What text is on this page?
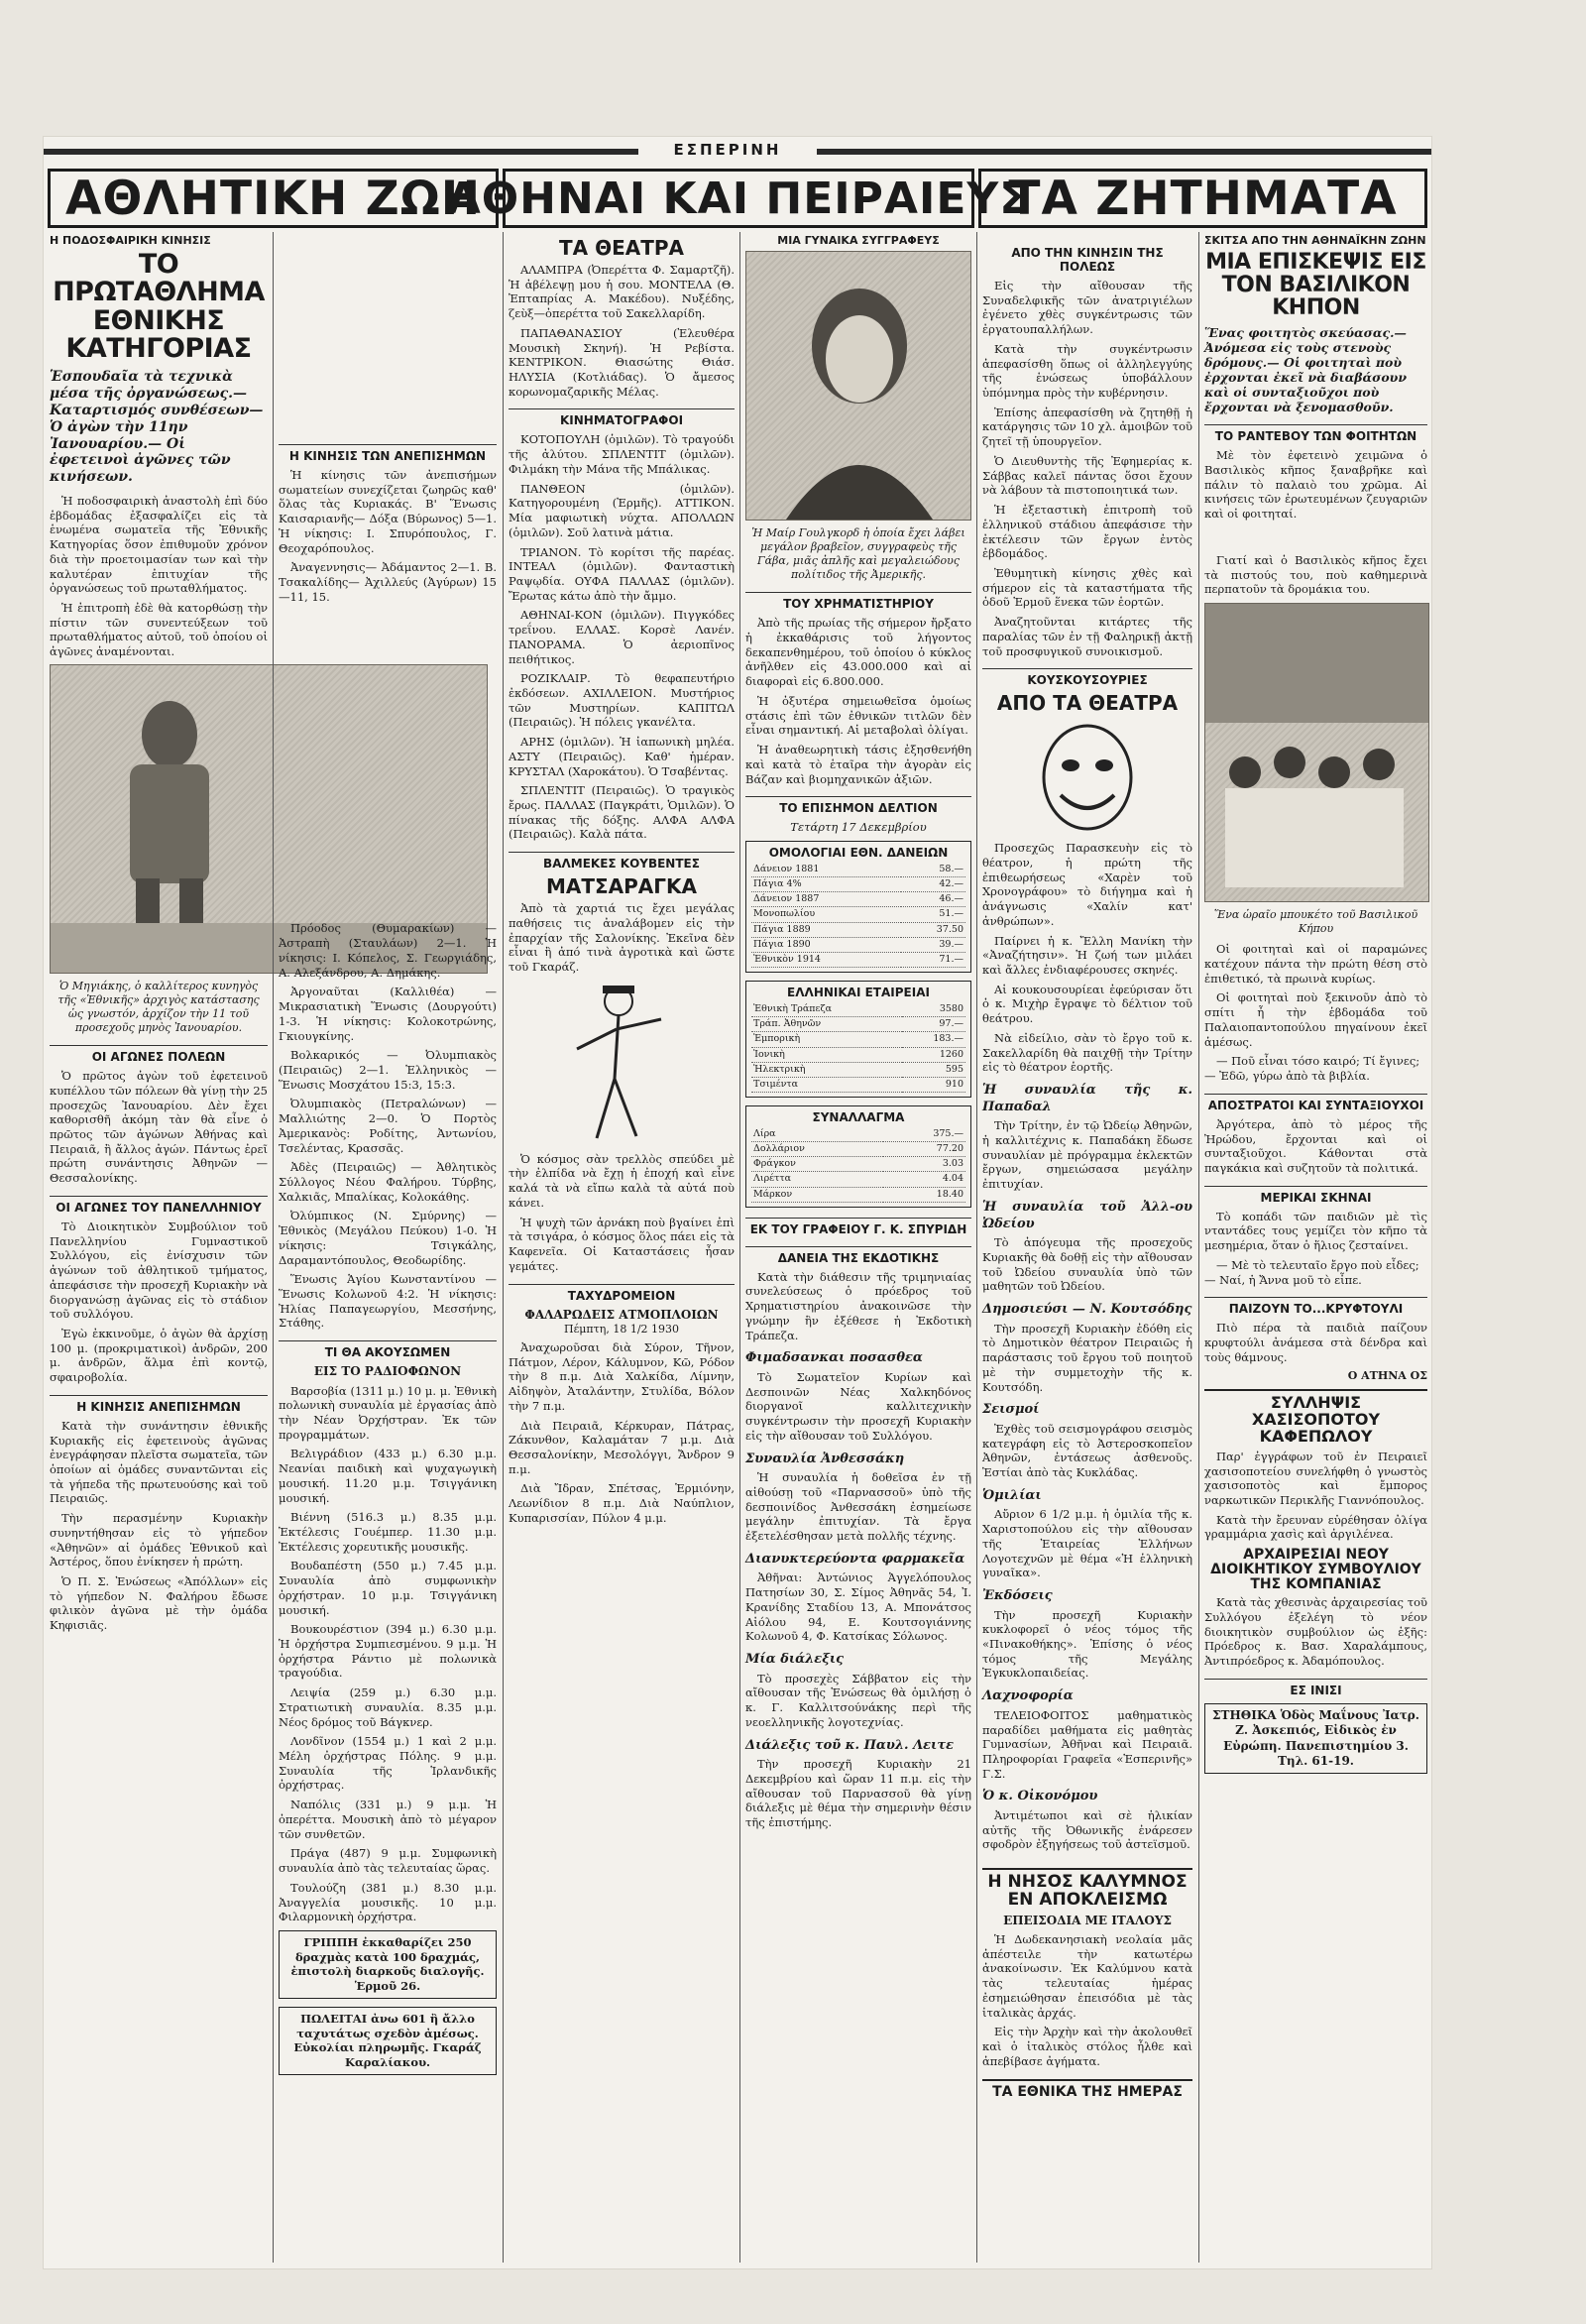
ΕΣΠΕΡΙΝΗ
ΑΘΛΗΤΙΚΗ ΖΩΗ
ΑΘΗΝΑΙ ΚΑΙ ΠΕΙΡΑΙΕΥΣ
ΤΑ ΖΗΤΗΜΑΤΑ
Η ΠΟΔΟΣΦΑΙΡΙΚΗ ΚΙΝΗΣΙΣ
ΤΟ ΠΡΩΤΑΘΛΗΜΑ ΕΘΝΙΚΗΣ ΚΑΤΗΓΟΡΙΑΣ
Ἑσπουδαῖα τὰ τεχνικὰ μέσα τῆς ὀργανώσεως.— Καταρτισμός συνθέσεων— Ὁ ἀγὼν τὴν 11ην Ἰανουαρίου.— Οἱ ἐφετεινοὶ ἀγῶνες τῶν κινήσεων.

Ἡ ποδοσφαιρικὴ ἀναστολὴ ἐπὶ δύο ἑβδομάδας ἐξασφαλίζει εἰς τὰ ἑνωμένα σωματεῖα τῆς Ἐθνικῆς Κατηγορίας ὅσον ἐπιθυμοῦν χρόνον διὰ τὴν προετοιμασίαν των καὶ τὴν καλυτέραν ἐπιτυχίαν τῆς ὀργανώσεως τοῦ πρωταθλήματος.

Ἡ ἐπιτροπὴ ἐδὲ θὰ κατορθώσῃ τὴν πίστιν τῶν συνεντεύξεων τοῦ πρωταθλήματος αὐτοῦ, τοῦ ὁποίου οἱ ἀγῶνες ἀναμένονται.

Ὁ Μηγιάκης, ὁ καλλίτερος κυνηγὸς τῆς «Ἑθνικῆς» ἀρχιγὸς κατάστασης ὡς γνωστόν, ἀρχίζον τὴν 11 τοῦ προσεχοῦς μηνὸς Ἰανουαρίου.
ΟΙ ΑΓΩΝΕΣ ΠΟΛΕΩΝ

Ὁ πρῶτος ἀγὼν τοῦ ἐφετεινοῦ κυπέλλου τῶν πόλεων θὰ γίνῃ τὴν 25 προσεχῶς Ἰανουαρίου. Δὲν ἔχει καθορισθῆ ἀκόμη τὰν θὰ εἶνε ὁ πρῶτος τῶν ἀγώνων Ἀθήνας καὶ Πειραιᾶ, ἢ ἄλλος ἀγών. Πάντως ἐρεῖ πρώτη συνάντησις Ἀθηνῶν — Θεσσαλονίκης.

ΟΙ ΑΓΩΝΕΣ ΤΟΥ ΠΑΝΕΛΛΗΝΙΟΥ

Τὸ Διοικητικὸν Συμβούλιον τοῦ Πανελληνίου Γυμναστικοῦ Συλλόγου, εἰς ἐνίσχυσιν τῶν ἀγώνων τοῦ ἀθλητικοῦ τμήματος, ἀπεφάσισε τὴν προσεχῆ Κυριακὴν νὰ διοργανώσῃ ἀγῶνας εἰς τὸ στάδιον τοῦ συλλόγου.

Ἐγὼ ἐκκινοῦμε, ὁ ἀγὼν θὰ ἀρχίσῃ 100 μ. (προκριματικοὶ) ἀνδρῶν, 200 μ. ἀνδρῶν, ἅλμα ἐπὶ κοντῷ, σφαιροβολία.

Η ΚΙΝΗΣΙΣ ΑΝΕΠΙΣΗΜΩΝ

Κατὰ τὴν συνάντησιν ἐθνικῆς Κυριακῆς εἰς ἐφετεινοὺς ἀγῶνας ἐνεγράφησαν πλεῖστα σωματεῖα, τῶν ὁποίων αἱ ὁμάδες συναντῶνται εἰς τὰ γήπεδα τῆς πρωτευούσης καὶ τοῦ Πειραιῶς.

Τὴν περασμένην Κυριακὴν συνηντήθησαν εἰς τὸ γήπεδον «Ἀθηνῶν» αἱ ὁμάδες Ἐθνικοῦ καὶ Ἀστέρος, ὅπου ἐνίκησεν ἡ πρώτη.

Ὁ Π. Σ. Ἐνώσεως «Ἀπόλλων» εἰς τὸ γήπεδον Ν. Φαλήρου ἔδωσε φιλικὸν ἀγῶνα μὲ τὴν ὁμάδα Κηφισιᾶς.

Η ΚΙΝΗΣΙΣ ΤΩΝ ΑΝΕΠΙΣΗΜΩΝ

Ἡ κίνησις τῶν ἀνεπισήμων σωματείων συνεχίζεται ζωηρῶς καθ' ὅλας τὰς Κυριακάς. Β' Ἕνωσις Καισαριανῆς— Δόξα (Βύρωνος) 5—1. Ἡ νίκησις: Ι. Σπυρόπουλος, Γ. Θεοχαρόπουλος.

Ἀναγεννησις— Ἀδάμαντος 2—1. Β. Τσακαλίδης— Ἀχιλλεύς (Ἀγύρων) 15—11, 15.

Πρόοδος (Θυμαρακίων) — Ἀστραπὴ (Σταυλάων) 2—1. Ἡ νίκησις: Ι. Κόπελος, Σ. Γεωργιάδης, Α. Αλεξάνδρου, Α. Δημάκης.

Ἀργοναῦται (Καλλιθέα) — Μικρασιατικὴ Ἕνωσις (Δουργούτι) 1-3. Ἡ νίκησις: Κολοκοτρώνης, Γκιουγκίνης.

Βολκαρικός — Ὀλυμπιακὸς (Πειραιῶς) 2—1. Ἑλληνικὸς — Ἕνωσις Μοσχάτου 15:3, 15:3.

Ὀλυμπιακὸς (Πετραλώνων) — Μαλλιώτης 2—0. Ὁ Πορτὸς Ἀμερικανὸς: Ροδίτης, Ἀντωνίου, Τσελέντας, Κρασσᾶς.

Ἀδὲς (Πειραιῶς) — Ἀθλητικὸς Σύλλογος Νέου Φαλήρου. Τύρβης, Χαλκιᾶς, Μπαλίκας, Κολοκάθης.

Ὀλύμπικος (Ν. Σμύρνης) — Ἐθνικὸς (Μεγάλου Πεύκου) 1-0. Ἡ νίκησις: Τσιγκάλης, Δαραμαντόπουλος, Θεοδωρίδης.

Ἕνωσις Ἁγίου Κωνσταντίνου — Ἕνωσις Κολωνοῦ 4:2. Ἡ νίκησις: Ἠλίας Παπαγεωργίου, Μεσσήνης, Στάθης.

ΤΙ ΘΑ ΑΚΟΥΣΩΜΕΝ
ΕΙΣ ΤΟ ΡΑΔΙΟΦΩΝΟΝ

Βαρσοβία (1311 μ.) 10 μ. μ. Ἐθνικὴ πολωνικὴ συναυλία μὲ ἐργασίας ἀπὸ τὴν Νέαν Ὀρχήστραν. Ἐκ τῶν προγραμμάτων.

Βελιγράδιον (433 μ.) 6.30 μ.μ. Νεανίαι παιδικὴ καὶ ψυχαγωγικὴ μουσική. 11.20 μ.μ. Τσιγγάνικη μουσική.

Βιέννη (516.3 μ.) 8.35 μ.μ. Ἐκτέλεσις Γουέμπερ. 11.30 μ.μ. Ἐκτέλεσις χορευτικῆς μουσικῆς.

Βουδαπέστη (550 μ.) 7.45 μ.μ. Συναυλία ἀπὸ συμφωνικὴν ὀρχήστραν. 10 μ.μ. Τσιγγάνικη μουσική.

Βουκουρέστιον (394 μ.) 6.30 μ.μ. Ἡ ὀρχήστρα Συμπιεσμένου. 9 μ.μ. Ἡ ὀρχήστρα Ράντιο μὲ πολωνικὰ τραγούδια.

Λειψία (259 μ.) 6.30 μ.μ. Στρατιωτικὴ συναυλία. 8.35 μ.μ. Νέος δρόμος τοῦ Βάγκνερ.

Λονδῖνον (1554 μ.) 1 καὶ 2 μ.μ. Μέλη ὀρχήστρας Πόλης. 9 μ.μ. Συναυλία τῆς Ἱρλανδικῆς ὀρχήστρας.

Ναπόλις (331 μ.) 9 μ.μ. Ἡ ὀπερέττα. Μουσικὴ ἀπὸ τὸ μέγαρον τῶν συνθετῶν.

Πράγα (487) 9 μ.μ. Συμφωνικὴ συναυλία ἀπὸ τὰς τελευταίας ὥρας.

Τουλούζη (381 μ.) 8.30 μ.μ. Ἀναγγελία μουσικῆς. 10 μ.μ. Φιλαρμονικὴ ὀρχήστρα.

ΓΡΙΠΠΗ ἐκκαθαρίζει 250 δραχμὰς κατὰ 100 δραχμάς, ἐπιστολὴ διαρκοῦς διαλογῆς. Ἑρμοῦ 26.
ΠΩΛΕΙΤΑΙ ἀνω 601 ἢ ἄλλο ταχυτάτως σχεδὸν ἀμέσως. Εὐκολίαι πληρωμῆς. Γκαράζ Καραλίακου.
ΤΑ ΘΕΑΤΡΑ

ΑΛΑΜΠΡΑ (Ὀπερέττα Φ. Σαμαρτζῆ). Ἡ ἀβέλεψῃ μου ἡ σου. ΜΟΝΤΕΛΑ (Θ. Ἐπταπρίας Α. Μακέδου). Νυξέδης, ζεὺξ—ὀπερέττα τοῦ Σακελλαρίδη.

ΠΑΠΑΘΑΝΑΣΙΟΥ (Ἐλευθέρα Μουσικὴ Σκηνή). Ἡ Ρεβίστα. ΚΕΝΤΡΙΚΟΝ. Θιασώτης Θιάσ. ΗΛΥΣΙΑ (Κοτλιάδας). Ὁ ἄμεσος κορωνομαζαρικῆς Μέλας.

ΚΙΝΗΜΑΤΟΓΡΑΦΟΙ

ΚΟΤΟΠΟΥΛΗ (ὁμιλῶν). Τὸ τραγούδι τῆς ἀλύτου. ΣΠΛΕΝΤΙΤ (ὁμιλῶν). Φιλμάκη τὴν Μάνα τῆς Μπάλικας.

ΠΑΝΘΕΟΝ (ὁμιλῶν). Κατηγορουμένη (Ἑρμῆς). ΑΤΤΙΚΟΝ. Μία μαφιωτικὴ νύχτα. ΑΠΟΛΛΩΝ (ὁμιλῶν). Σοῦ λατινὰ μάτια.

ΤΡΙΑΝΟΝ. Τὸ κορίτσι τῆς παρέας. ΙΝΤΕΑΛ (ὁμιλῶν). Φανταστικὴ Ραψῳδία. ΟΥΦΑ ΠΑΛΛΑΣ (ὁμιλῶν). Ἔρωτας κάτω ἀπὸ τὴν ἄμμο.

ΑΘΗΝΑΙ-ΚΟΝ (ὁμιλῶν). Πιγγκόδες τρεΐνου. ΕΛΛΑΣ. Κορσὲ Λανέν. ΠΑΝΟΡΑΜΑ. Ὁ ἀεριοπῖνος πειθήτικος.

ΡΟΖΙΚΛΑΙΡ. Τὸ θεφαπευτήριο ἐκδόσεων. ΑΧΙΛΛΕΙΟΝ. Μυστήριος τῶν Μυστηρίων. ΚΑΠΙΤΩΛ (Πειραιῶς). Ἡ πόλεις γκανέλτα.

ΑΡΗΣ (ὁμιλῶν). Ἡ ἰαπωνικὴ μηλέα. ΑΣΤΥ (Πειραιῶς). Καθ' ἡμέραν. ΚΡΥΣΤΑΛ (Χαροκάτου). Ὁ Τσαβέντας.

ΣΠΛΕΝΤΙΤ (Πειραιῶς). Ὁ τραγικὸς ἔρως. ΠΑΛΛΑΣ (Παγκράτι, Ὁμιλῶν). Ὁ πίνακας τῆς δόξης. ΑΛΦΑ ΑΛΦΑ (Πειραιῶς). Καλὰ πάτα.

ΒΑΛΜΕΚΕΣ ΚΟΥΒΕΝΤΕΣ
ΜΑΤΣΑΡΑΓΚΑ

Ἀπὸ τὰ χαρτιά τις ἔχει μεγάλας παθήσεις τις ἀναλάβομεν εἰς τὴν ἐπαρχίαν τῆς Σαλονίκης. Ἐκεῖνα δὲν εἶναι ἢ ἀπό τινὰ ἀγροτικὰ καὶ ὥστε τοῦ Γκαράζ.

Ὁ κόσμος σὰν τρελλὸς σπεύδει μὲ τὴν ἐλπίδα νὰ ἔχῃ ἡ ἐποχή καὶ εἶνε καλά τὰ νὰ εἴπω καλὰ τὰ αὐτά ποὺ κάνει.

Ἡ ψυχὴ τῶν ἀρνάκη ποὺ βγαίνει ἐπὶ τὰ τσιγάρα, ὁ κόσμος ὅλος πάει εἰς τὰ Καφενεῖα. Οἱ Καταστάσεις ἦσαν γεμάτες.

ΤΑΧΥΔΡΟΜΕΙΟΝ
ΦΑΛΑΡΩΔΕΙΣ ΑΤΜΟΠΛΟΙΩΝ
Πέμπτη, 18 1/2 1930

Ἀναχωροῦσαι διὰ Σύρον, Τῆνον, Πάτμον, Λέρον, Κάλυμνον, Κῶ, Ρόδον τὴν 8 π.μ. Διὰ Χαλκίδα, Λίμνην, Αἰδηψὸν, Ἀταλάντην, Στυλίδα, Βόλον τὴν 7 π.μ.

Διὰ Πειραιᾶ, Κέρκυραν, Πάτρας, Ζάκυνθον, Καλαμάταν 7 μ.μ. Διὰ Θεσσαλονίκην, Μεσολόγγι, Ἄνδρον 9 π.μ.

Διὰ Ἴδραν, Σπέτσας, Ἑρμιόνην, Λεωνίδιον 8 π.μ. Διὰ Ναύπλιον, Κυπαρισσίαν, Πύλον 4 μ.μ.

ΜΙΑ ΓΥΝΑΙΚΑ ΣΥΓΓΡΑΦΕΥΣ
Ἡ Μαίρ Γουλγκορδ ἡ ὁποία ἔχει λάβει μεγάλον βραβεῖον, συγγραφεὺς τῆς Γάβα, μιᾶς ἀπλῆς καὶ μεγαλειώδους πολίτιδος τῆς Ἀμερικῆς.
ΤΟΥ ΧΡΗΜΑΤΙΣΤΗΡΙΟΥ

Ἀπὸ τῆς πρωίας τῆς σήμερον ἤρξατο ἡ ἐκκαθάρισις τοῦ λήγοντος δεκαπενθημέρου, τοῦ ὁποίου ὁ κύκλος ἀνῆλθεν εἰς 43.000.000 καὶ αἱ διαφοραὶ εἰς 6.800.000.

Ἡ ὀξυτέρα σημειωθεῖσα ὁμοίως στάσις ἐπὶ τῶν ἐθνικῶν τιτλῶν δὲν εἶναι σημαντική. Αἱ μεταβολαὶ ὀλίγαι.

Ἡ ἀναθεωρητικὴ τάσις ἐξησθενήθη καὶ κατὰ τὸ ἑταῖρα τὴν ἀγορὰν εἰς Βάζαν καὶ βιομηχανικῶν ἀξιῶν.

ΤΟ ΕΠΙΣΗΜΟΝ ΔΕΛΤΙΟΝ
Τετάρτη 17 Δεκεμβρίου
ΟΜΟΛΟΓΙΑΙ ΕΘΝ. ΔΑΝΕΙΩΝ
Δάνειον 1881	58.—
Πάγια 4%	42.—
Δάνειον 1887	46.—
Μονοπωλίου	51.—
Πάγια 1889	37.50
Πάγια 1890	39.—
Ἐθνικὸν 1914	71.—
ΕΛΛΗΝΙΚΑΙ ΕΤΑΙΡΕΙΑΙ
Ἐθνικὴ Τράπεζα	3580
Τράπ. Ἀθηνῶν	97.—
Ἐμπορικὴ	183.—
Ἰονικὴ	1260
Ἡλεκτρικὴ	595
Τσιμέντα	910
ΣΥΝΑΛΛΑΓΜΑ
Λίρα	375.—
Δολλάριον	77.20
Φράγκον	3.03
Λιρέττα	4.04
Μάρκον	18.40
ΕΚ ΤΟΥ ΓΡΑΦΕΙΟΥ Γ. Κ. ΣΠΥΡΙΔΗ
ΔΑΝΕΙΑ ΤΗΣ ΕΚΔΟΤΙΚΗΣ

Κατὰ τὴν διάθεσιν τῆς τριμηνιαίας συνελεύσεως ὁ πρόεδρος τοῦ Χρηματιστηρίου ἀνακοινῶσε τὴν γνώμην ἣν ἐξέθεσε ἡ Ἐκδοτικὴ Τράπεζα.

Φιμαδσανκαι ποσασθεα

Τὸ Σωματεῖον Κυρίων καὶ Δεσποινῶν Νέας Χαλκηδόνος διοργανοῖ καλλιτεχνικὴν συγκέντρωσιν τὴν προσεχῆ Κυριακὴν εἰς τὴν αἴθουσαν τοῦ Συλλόγου.

Συναυλία Ἀνθεσσάκη

Ἡ συναυλία ἡ δοθεῖσα ἐν τῇ αἰθούσῃ τοῦ «Παρνασσοῦ» ὑπὸ τῆς δεσποινίδος Ἀνθεσσάκη ἐσημείωσε μεγάλην ἐπιτυχίαν. Τὰ ἔργα ἐξετελέσθησαν μετὰ πολλῆς τέχνης.

Διανυκτερεύοντα φαρμακεῖα

Ἀθῆναι: Ἀντώνιος Ἀγγελόπουλος Πατησίων 30, Σ. Σίμος Ἀθηνᾶς 54, Ἰ. Κρανίδης Σταδίου 13, Α. Μπονάτσος Αἰόλου 94, Ε. Κουτσογιάννης Κολωνοῦ 4, Φ. Κατσίκας Σόλωνος.

Μία διάλεξις

Τὸ προσεχὲς Σάββατον εἰς τὴν αἴθουσαν τῆς Ἑνώσεως θὰ ὁμιλήσῃ ὁ κ. Γ. Καλλιτσούνάκης περὶ τῆς νεοελληνικῆς λογοτεχνίας.

Διάλεξις τοῦ κ. Παυλ. Λειτε

Τὴν προσεχῆ Κυριακὴν 21 Δεκεμβρίου καὶ ὥραν 11 π.μ. εἰς τὴν αἴθουσαν τοῦ Παρνασσοῦ θὰ γίνῃ διάλεξις μὲ θέμα τὴν σημερινὴν θέσιν τῆς ἐπιστήμης.

ΑΠΟ ΤΗΝ ΚΙΝΗΣΙΝ ΤΗΣ ΠΟΛΕΩΣ

Εἰς τὴν αἴθουσαν τῆς Συναδελφικῆς τῶν ἀνατριγιέλων ἐγένετο χθὲς συγκέντρωσις τῶν ἐργατουπαλλήλων.

Κατὰ τὴν συγκέντρωσιν ἀπεφασίσθη ὅπως οἱ ἀλληλεγγύης τῆς ἑνώσεως ὑποβάλλουν ὑπόμνημα πρὸς τὴν κυβέρνησιν.

Ἐπίσης ἀπεφασίσθη νὰ ζητηθῇ ἡ κατάργησις τῶν 10 χλ. ἀμοιβῶν τοῦ ζητεῖ τῇ ὑπουργεῖον.

Ὁ Διευθυντὴς τῆς Ἐφημερίας κ. Σάββας καλεῖ πάντας ὅσοι ἔχουν νὰ λάβουν τὰ πιστοποιητικά των.

Ἡ ἐξεταστικὴ ἐπιτροπὴ τοῦ ἑλληνικοῦ στάδιου ἀπεφάσισε τὴν ἐκτέλεσιν τῶν ἔργων ἐντὸς ἐβδομάδος.

Ἐθυμητικὴ κίνησις χθὲς καὶ σήμερον εἰς τὰ καταστήματα τῆς ὁδοῦ Ἑρμοῦ ἕνεκα τῶν ἑορτῶν.

Ἀναζητοῦνται κιτάρτες τῆς παραλίας τῶν ἐν τῇ Φαληρικῇ ἀκτῇ τοῦ προσφυγικοῦ συνοικισμοῦ.

ΚΟΥΣΚΟΥΣΟΥΡΙΕΣ
ΑΠΟ ΤΑ ΘΕΑΤΡΑ

Προσεχῶς Παρασκευὴν εἰς τὸ θέατρον, ἡ πρώτη τῆς ἐπιθεωρήσεως «Χαρὲν τοῦ Χρονογράφου» τὸ διήγημα καὶ ἡ ἀνάγνωσις «Χαλίν κατ' ἀνθρώπων».

Παίρνει ἡ κ. Ἔλλη Μανίκη τὴν «Ἀναζήτησιν». Ἡ ζωή των μιλάει καὶ ἄλλες ἐνδιαφέρουσες σκηνές.

Αἱ κουκουσουρίεαι ἐφεύρισαν ὅτι ὁ κ. Μιχὴρ ἔγραψε τὸ δέλτιον τοῦ θεάτρου.

Νὰ εἰδείλιο, σὰν τὸ ἔργο τοῦ κ. Σακελλαρίδη θὰ παιχθῇ τὴν Τρίτην εἰς τὸ θέατρον ἑορτῆς.

Ἡ συναυλία τῆς κ. Παπαδαλ

Τὴν Τρίτην, ἐν τῷ Ὠδείῳ Ἀθηνῶν, ἡ καλλιτέχνις κ. Παπαδάκη ἔδωσε συναυλίαν μὲ πρόγραμμα ἐκλεκτῶν ἔργων, σημειώσασα μεγάλην ἐπιτυχίαν.

Ἡ συναυλία τοῦ Ἀλλ-ου Ὠδείου

Τὸ ἀπόγευμα τῆς προσεχοῦς Κυριακῆς θὰ δοθῇ εἰς τὴν αἴθουσαν τοῦ Ὠδείου συναυλία ὑπὸ τῶν μαθητῶν τοῦ Ὠδείου.

Δημοσιεύσι — Ν. Κουτσόδης

Τὴν προσεχῆ Κυριακὴν ἐδόθη εἰς τὸ Δημοτικὸν θέατρον Πειραιῶς ἡ παράστασις τοῦ ἔργου τοῦ ποιητοῦ μὲ τὴν συμμετοχὴν τῆς κ. Κουτσόδη.

Σεισμοί

Ἐχθὲς τοῦ σεισμογράφου σεισμὸς κατεγράφη εἰς τὸ Ἀστεροσκοπεῖον Ἀθηνῶν, ἐντάσεως ἀσθενοῦς. Ἐστίαι ἀπὸ τὰς Κυκλάδας.

Ὁμιλίαι

Αὔριον 6 1/2 μ.μ. ἡ ὁμιλία τῆς κ. Χαριστοπούλου εἰς τὴν αἴθουσαν τῆς Ἐταιρείας Ἑλλήνων Λογοτεχνῶν μὲ θέμα «Ἡ ἑλληνικὴ γυναῖκα».

Ἐκδόσεις

Τὴν προσεχῆ Κυριακὴν κυκλοφορεῖ ὁ νέος τόμος τῆς «Πινακοθήκης». Ἐπίσης ὁ νέος τόμος τῆς Μεγάλης Ἐγκυκλοπαιδείας.

Λαχνοφορία

ΤΕΛΕΙΟΦΟΙΤΟΣ μαθηματικὸς παραδίδει μαθήματα εἰς μαθητὰς Γυμνασίων, Ἀθῆναι καὶ Πειραιᾶ. Πληροφορίαι Γραφεῖα «Ἑσπερινῆς» Γ.Σ.

Ὁ κ. Οἰκονόμου

Ἀντιμέτωποι καὶ σὲ ἡλικίαν αὐτῆς τῆς Ὀθωνικῆς ἐνάρεσεν σφοδρὸν ἐξηγήσεως τοῦ ἀστεϊσμοῦ.

Γιατί καὶ ὁ Βασιλικὸς κῆπος ἔχει τὰ πιστούς του, ποὺ καθημερινὰ περπατοῦν τὰ δρομάκια του.

Ἕνα ὡραῖο μπουκέτο τοῦ Βασιλικοῦ Κήπου

Οἱ φοιτηταὶ καὶ οἱ παραμώνες κατέχουν πάντα τὴν πρώτη θέση στὸ ἐπιθετικό, τὰ πρωινὰ κυρίως.

Οἱ φοιτηταὶ ποὺ ξεκινοῦν ἀπὸ τὸ σπίτι ἦ τὴν ἑβδομάδα τοῦ Παλαιοπαντοπούλου πηγαίνουν ἐκεῖ ἁμέσως.

— Ποῦ εἶναι τόσο καιρό; Τί ἔγινες;
— Ἐδῶ, γύρω ἀπὸ τὰ βιβλία.

ΑΠΟΣΤΡΑΤΟΙ ΚΑΙ ΣΥΝΤΑΞΙΟΥΧΟΙ

Ἀργότερα, ἀπὸ τὸ μέρος τῆς Ἠρώδου, ἔρχονται καὶ οἱ συνταξιοῦχοι. Κάθονται στὰ παγκάκια καὶ συζητοῦν τὰ πολιτικά.

ΜΕΡΙΚΑΙ ΣΚΗΝΑΙ

Τὸ κοπάδι τῶν παιδιῶν μὲ τὶς νταντάδες τους γεμίζει τὸν κῆπο τὰ μεσημέρια, ὅταν ὁ ἥλιος ζεσταίνει.

— Μὲ τὸ τελευταῖο ἔργο ποὺ εἶδες;
— Ναί, ἡ Ἄννα μοῦ τὸ εἶπε.

ΠΑΙΖΟΥΝ ΤΟ...ΚΡΥΦΤΟΥΛΙ

Πιὸ πέρα τὰ παιδιὰ παίζουν κρυφτούλι ἀνάμεσα στὰ δένδρα καὶ τοὺς θάμνους.

Ο ΑΤΗΝΑ ΟΣ
ΣΥΛΛΗΨΙΣ ΧΑΣΙΣΟΠΟΤΟΥ ΚΑΦΕΠΩΛΟΥ

Παρ' ἐγγράφων τοῦ ἐν Πειραιεῖ χασισοποτείου συνελήφθη ὁ γνωστὸς χασισοποτὸς καὶ ἔμπορος ναρκωτικῶν Περικλῆς Γιαννόπουλος.

Κατὰ τὴν ἔρευναν εὑρέθησαν ὀλίγα γραμμάρια χασὶς καὶ ἀργιλένεα.

ΑΡΧΑΙΡΕΣΙΑΙ ΝΕΟΥ ΔΙΟΙΚΗΤΙΚΟΥ ΣΥΜΒΟΥΛΙΟΥ ΤΗΣ ΚΟΜΠΑΝΙΑΣ

Κατὰ τὰς χθεσινὰς ἀρχαιρεσίας τοῦ Συλλόγου ἐξελέγη τὸ νέον διοικητικὸν συμβούλιον ὡς ἑξῆς: Πρόεδρος κ. Βασ. Χαραλάμπους, Ἀντιπρόεδρος κ. Ἀδαμόπουλος.

ΕΣ ΙΝΙΣΙ
ΣΤΗΘΙΚΑ Ὁδὸς Μαΐνους Ἰατρ. Ζ. Ἀσκεπιός, Εἰδικὸς ἐν Εὐρώπη. Πανεπιστημίου 3. Τηλ. 61-19.
ΣΚΙΤΣΑ ΑΠΟ ΤΗΝ ΑΘΗΝΑΪΚΗΝ ΖΩΗΝ
ΜΙΑ ΕΠΙΣΚΕΨΙΣ ΕΙΣ ΤΟΝ ΒΑΣΙΛΙΚΟΝ ΚΗΠΟΝ
Ἕνας φοιτητὸς σκεύασας.— Ἀνόμεσα εἰς τοὺς στενοὺς δρόμους.— Οἱ φοιτηταὶ ποὺ ἐρχονται ἐκεῖ νὰ διαβάσουν καὶ οἱ συνταξιοῦχοι ποὺ ἔρχονται νὰ ξενομασθοῦν.
ΤΟ ΡΑΝΤΕΒΟΥ ΤΩΝ ΦΟΙΤΗΤΩΝ

Μὲ τὸν ἐφετεινὸ χειμῶνα ὁ Βασιλικὸς κῆπος ξαναβρῆκε καὶ πάλιν τὸ παλαιὸ του χρῶμα. Αἱ κινήσεις τῶν ἐρωτευμένων ζευγαριῶν καὶ οἱ φοιτηταί.

Η ΝΗΣΟΣ ΚΑΛΥΜΝΟΣ ΕΝ ΑΠΟΚΛΕΙΣΜΩ
ΕΠΕΙΣΟΔΙΑ ΜΕ ΙΤΑΛΟΥΣ

Ἡ Δωδεκανησιακὴ νεολαία μᾶς ἀπέστειλε τὴν κατωτέρω ἀνακοίνωσιν. Ἐκ Καλύμνου κατὰ τὰς τελευταίας ἡμέρας ἐσημειώθησαν ἐπεισόδια μὲ τὰς ἰταλικὰς ἀρχάς.

Εἰς τὴν Ἀρχὴν καὶ τὴν ἀκολουθεῖ καὶ ὁ ἰταλικὸς στόλος ἦλθε καὶ ἀπεβίβασε ἀγήματα.

ΤΑ ΕΘΝΙΚΑ ΤΗΣ ΗΜΕΡΑΣ
